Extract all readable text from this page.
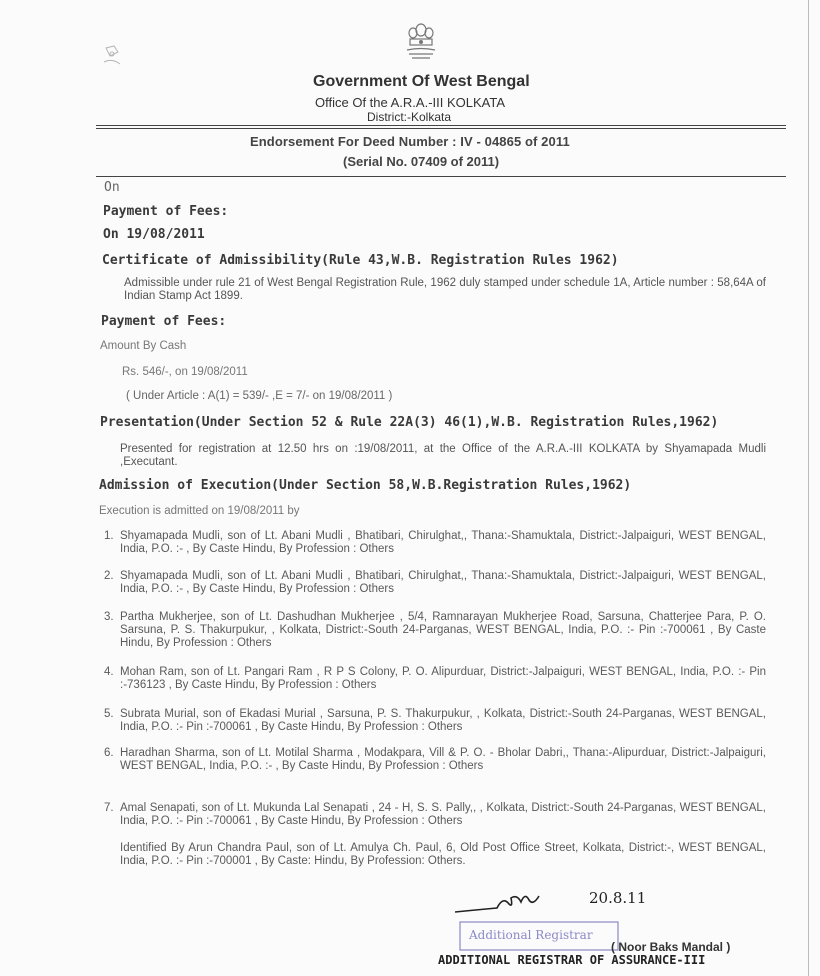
Government Of West Bengal
Office Of the A.R.A.-III KOLKATA
District:-Kolkata
Endorsement For Deed Number : IV - 04865 of 2011
(Serial No. 07409 of 2011)
On
Payment of Fees:
On 19/08/2011
Certificate of Admissibility(Rule 43,W.B. Registration Rules 1962)
Admissible under rule 21 of West Bengal Registration Rule, 1962 duly stamped under schedule 1A, Article number : 58,64A of Indian Stamp Act 1899.
Payment of Fees:
Amount By Cash
Rs. 546/-, on 19/08/2011
( Under Article : A(1) = 539/- ,E = 7/- on 19/08/2011 )
Presentation(Under Section 52 & Rule 22A(3) 46(1),W.B. Registration Rules,1962)
Presented for registration at 12.50 hrs on :19/08/2011, at the Office of the A.R.A.-III KOLKATA by Shyamapada Mudli ,Executant.
Admission of Execution(Under Section 58,W.B.Registration Rules,1962)
Execution is admitted on 19/08/2011 by
1. Shyamapada Mudli, son of Lt. Abani Mudli , Bhatibari, Chirulghat,, Thana:-Shamuktala, District:-Jalpaiguri, WEST BENGAL, India, P.O. :- , By Caste Hindu, By Profession : Others
2. Shyamapada Mudli, son of Lt. Abani Mudli , Bhatibari, Chirulghat,, Thana:-Shamuktala, District:-Jalpaiguri, WEST BENGAL, India, P.O. :- , By Caste Hindu, By Profession : Others
3. Partha Mukherjee, son of Lt. Dashudhan Mukherjee , 5/4, Ramnarayan Mukherjee Road, Sarsuna, Chatterjee Para, P. O. Sarsuna, P. S. Thakurpukur, , Kolkata, District:-South 24-Parganas, WEST BENGAL, India, P.O. :- Pin :-700061 , By Caste Hindu, By Profession : Others
4. Mohan Ram, son of Lt. Pangari Ram , R P S Colony, P. O. Alipurduar, District:-Jalpaiguri, WEST BENGAL, India, P.O. :- Pin :-736123 , By Caste Hindu, By Profession : Others
5. Subrata Murial, son of Ekadasi Murial , Sarsuna, P. S. Thakurpukur, , Kolkata, District:-South 24-Parganas, WEST BENGAL, India, P.O. :- Pin :-700061 , By Caste Hindu, By Profession : Others
6. Haradhan Sharma, son of Lt. Motilal Sharma , Modakpara, Vill & P. O. - Bholar Dabri,, Thana:-Alipurduar, District:-Jalpaiguri, WEST BENGAL, India, P.O. :- , By Caste Hindu, By Profession : Others
7. Amal Senapati, son of Lt. Mukunda Lal Senapati , 24 - H, S. S. Pally,, , Kolkata, District:-South 24-Parganas, WEST BENGAL, India, P.O. :- Pin :-700061 , By Caste Hindu, By Profession : Others
Identified By Arun Chandra Paul, son of Lt. Amulya Ch. Paul, 6, Old Post Office Street, Kolkata, District:-, WEST BENGAL, India, P.O. :- Pin :-700001 , By Caste: Hindu, By Profession: Others.
20.8.11
Additional Registrar
( Noor Baks Mandal )
ADDITIONAL REGISTRAR OF ASSURANCE-III
